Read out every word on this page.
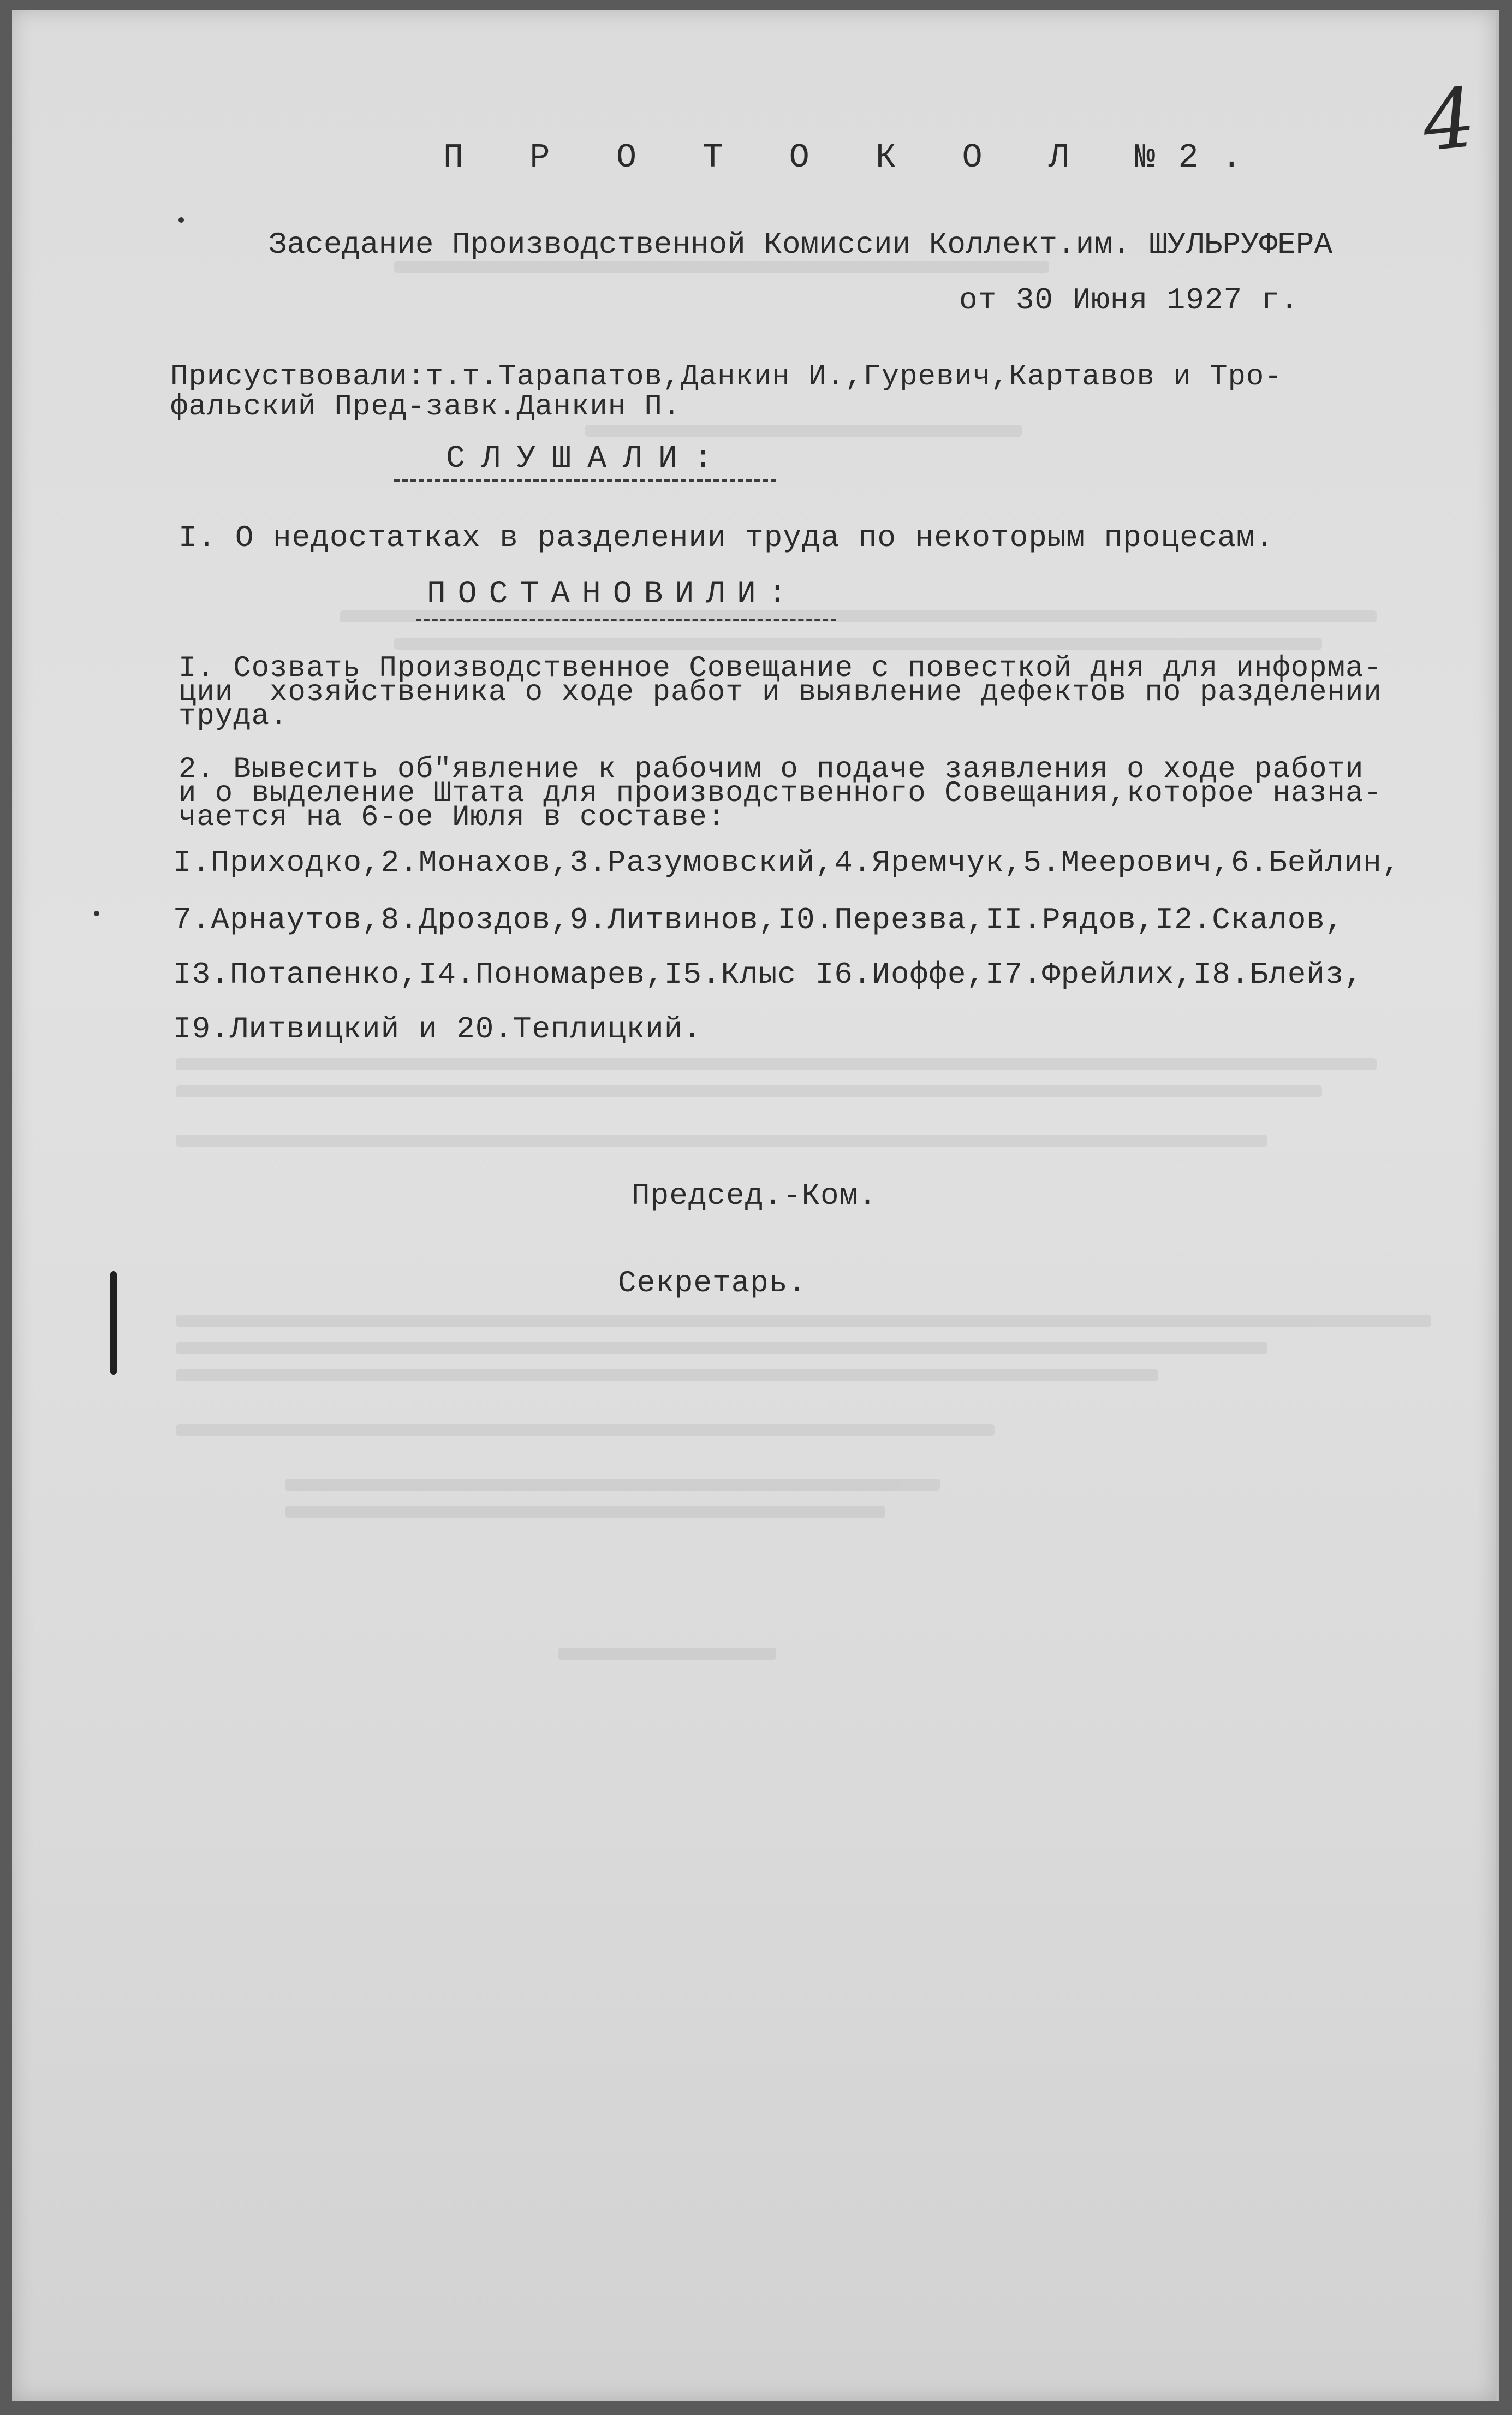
4
П Р О Т О К О Л №2.
Заседание Производственной Комиссии Коллект.им. ШУЛЬРУФЕРА
от 30 Июня 1927 г.
Присуствовали:т.т.Тарапатов,Данкин И.,Гуревич,Картавов и Тро-
фальский Пред-завк.Данкин П.
СЛУШАЛИ:
I. О недостатках в разделении труда по некоторым процесам.
ПОСТАНОВИЛИ:
I. Созвать Производственное Совещание с повесткой дня для информа-
ции  хозяйственика о ходе работ и выявление дефектов по разделении
труда.
2. Вывесить об"явление к рабочим о подаче заявления о ходе работи
и о выделение Штата для производственного Совещания,которое назна-
чается на 6-ое Июля в составе:
I.Приходко,2.Монахов,3.Разумовский,4.Яремчук,5.Меерович,6.Бейлин,
7.Арнаутов,8.Дроздов,9.Литвинов,I0.Перезва,II.Рядов,I2.Скалов,
I3.Потапенко,I4.Пономарев,I5.Клыс I6.Иоффе,I7.Фрейлих,I8.Блейз,
I9.Литвицкий и 20.Теплицкий.
Председ.-Ком.
Секретарь.
